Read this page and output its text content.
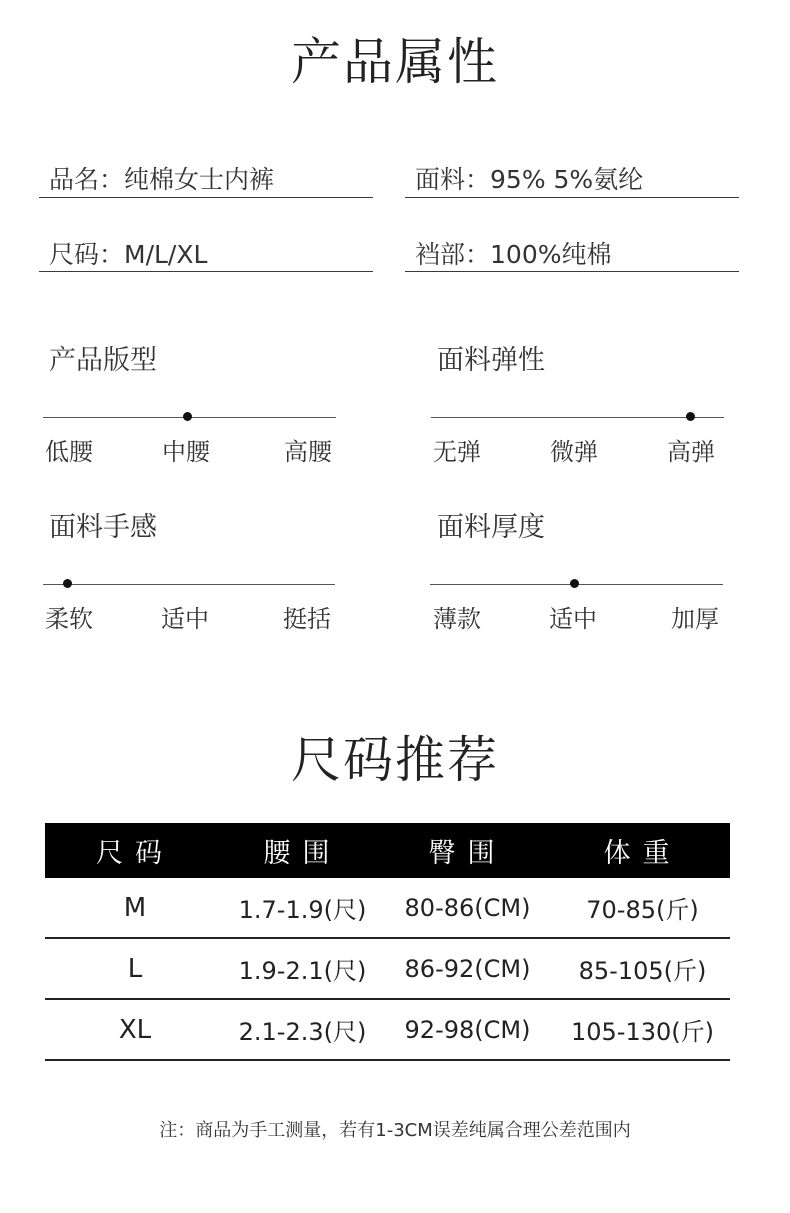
产品属性
品名：纯棉女士内裤	面料：95% 5%氨纶
尺码：M/L/XL	裆部：100%纯棉
产品版型
低腰	中腰	高腰
面料弹性
无弹	微弹	高弹
面料手感
柔软	适中	挺括
面料厚度
薄款	适中	加厚
尺码推荐
尺码	腰围	臀围	体重
M	1.7-1.9(尺)	80-86(CM)	70-85(斤)
L	1.9-2.1(尺)	86-92(CM)	85-105(斤)
XL	2.1-2.3(尺)	92-98(CM)	105-130(斤)
注：商品为手工测量，若有1-3CM误差纯属合理公差范围内
